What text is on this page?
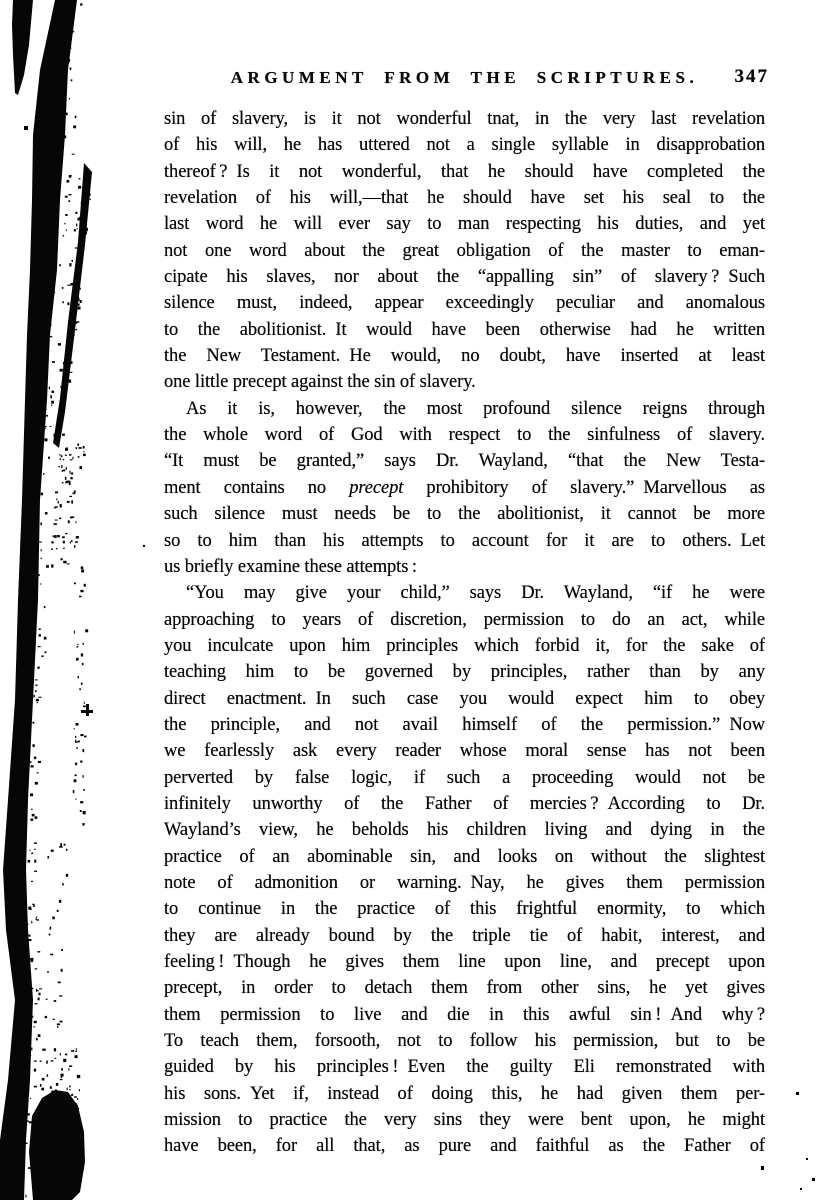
ARGUMENT FROM THE SCRIPTURES.	347
sin of slavery, is it not wonderful tnat, in the very last revelation
of his will, he has uttered not a single syllable in disapprobation
thereof ? Is it not wonderful, that he should have completed the
revelation of his will,—that he should have set his seal to the
last word he will ever say to man respecting his duties, and yet
not one word about the great obligation of the master to eman-
cipate his slaves, nor about the “appalling sin” of slavery ? Such
silence must, indeed, appear exceedingly peculiar and anomalous
to the abolitionist. It would have been otherwise had he written
the New Testament. He would, no doubt, have inserted at least
one little precept against the sin of slavery.
As it is, however, the most profound silence reigns through
the whole word of God with respect to the sinfulness of slavery.
“It must be granted,” says Dr. Wayland, “that the New Testa-
ment contains no precept prohibitory of slavery.” Marvellous as
such silence must needs be to the abolitionist, it cannot be more
so to him than his attempts to account for it are to others. Let
us briefly examine these attempts :
“You may give your child,” says Dr. Wayland, “if he were
approaching to years of discretion, permission to do an act, while
you inculcate upon him principles which forbid it, for the sake of
teaching him to be governed by principles, rather than by any
direct enactment. In such case you would expect him to obey
the principle, and not avail himself of the permission.” Now
we fearlessly ask every reader whose moral sense has not been
perverted by false logic, if such a proceeding would not be
infinitely unworthy of the Father of mercies ? According to Dr.
Wayland’s view, he beholds his children living and dying in the
practice of an abominable sin, and looks on without the slightest
note of admonition or warning. Nay, he gives them permission
to continue in the practice of this frightful enormity, to which
they are already bound by the triple tie of habit, interest, and
feeling ! Though he gives them line upon line, and precept upon
precept, in order to detach them from other sins, he yet gives
them permission to live and die in this awful sin ! And why ?
To teach them, forsooth, not to follow his permission, but to be
guided by his principles ! Even the guilty Eli remonstrated with
his sons. Yet if, instead of doing this, he had given them per-
mission to practice the very sins they were bent upon, he might
have been, for all that, as pure and faithful as the Father of
